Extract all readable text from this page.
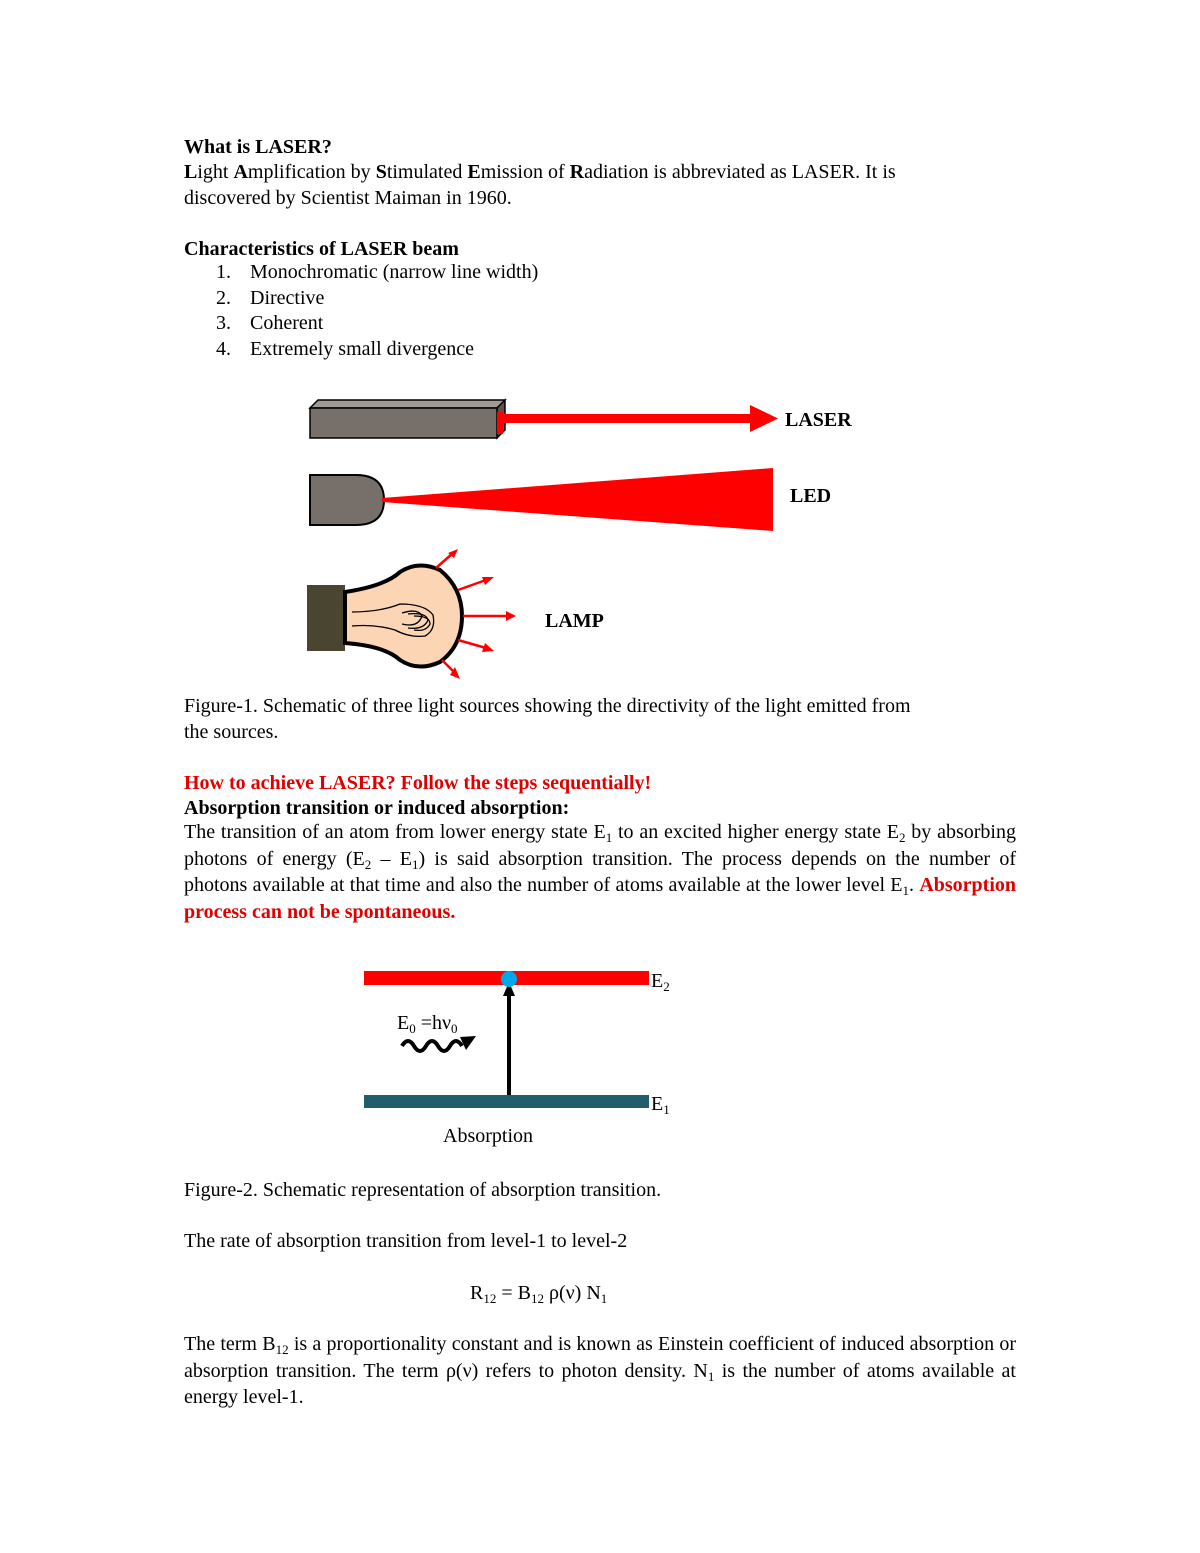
What is LASER?
Light Amplification by Stimulated Emission of Radiation is abbreviated as LASER. It is
discovered by Scientist Maiman in 1960.
Characteristics of LASER beam
1. Monochromatic (narrow line width)
2. Directive
3. Coherent
4. Extremely small divergence
LASER
LED
LAMP
Figure-1. Schematic of three light sources showing the directivity of the light emitted from
the sources.
How to achieve LASER? Follow the steps sequentially!
Absorption transition or induced absorption:
The transition of an atom from lower energy state $E_1$ to an excited higher energy state $E_2$ by absorbing photons of energy $(E_2 - E_1)$ is said absorption transition. The process depends on the number of photons available at that time and also the number of atoms available at the lower level $E_1$. Absorption process can not be spontaneous.
$E_0 =h\nu_0$
$E_2$
$E_1$
Absorption
Figure-2. Schematic representation of absorption transition.
The rate of absorption transition from level-1 to level-2
$R_{12} = B_{12}$ ρ(ν) $N_1$
The term $B_{12}$ is a proportionality constant and is known as Einstein coefficient of induced absorption or absorption transition. The term ρ(ν) refers to photon density. $N_1$ is the number of atoms available at energy level-1.
